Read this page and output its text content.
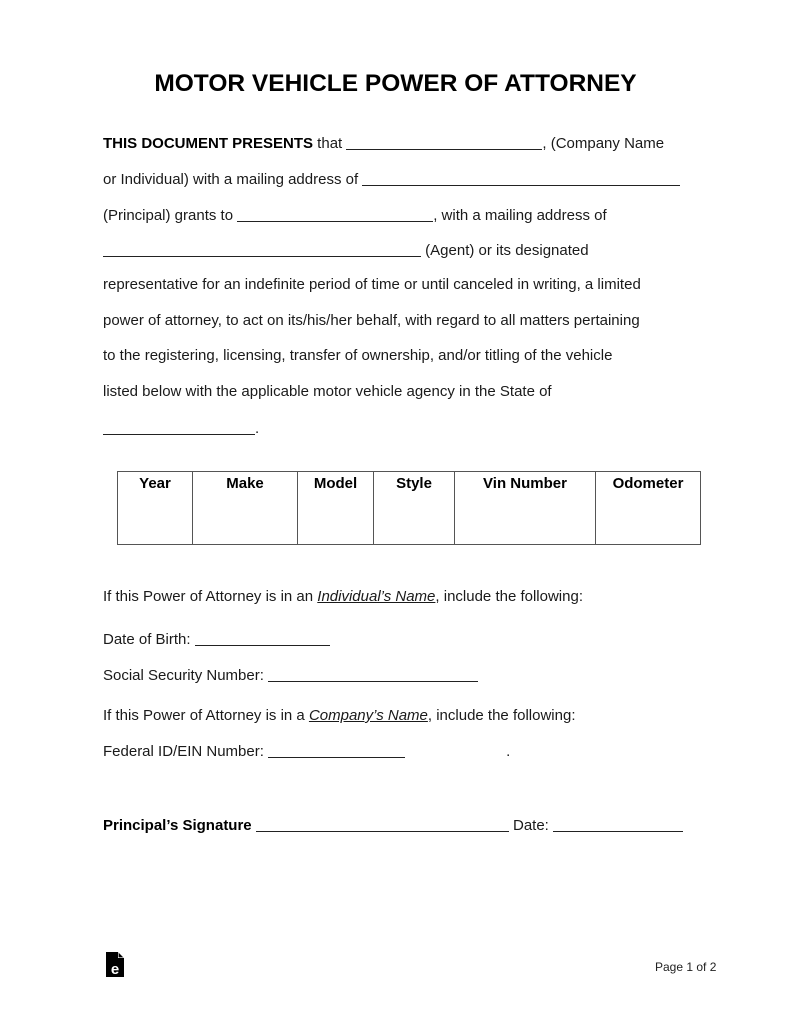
MOTOR VEHICLE POWER OF ATTORNEY
THIS DOCUMENT PRESENTS that	, (Company Name
or Individual) with a mailing address of
(Principal) grants to	, with a mailing address of
(Agent) or its designated
representative for an indefinite period of time or until canceled in writing, a limited
power of attorney, to act on its/his/her behalf, with regard to all matters pertaining
to the registering, licensing, transfer of ownership, and/or titling of the vehicle
listed below with the applicable motor vehicle agency in the State of
.
Year	Make	Model	Style	Vin Number	Odometer
If this Power of Attorney is in an Individual’s Name, include the following:
Date of Birth:
Social Security Number:
If this Power of Attorney is in a Company’s Name, include the following:
Federal ID/EIN Number:	.
Principal’s Signature	Date:
e	Page 1 of 2
